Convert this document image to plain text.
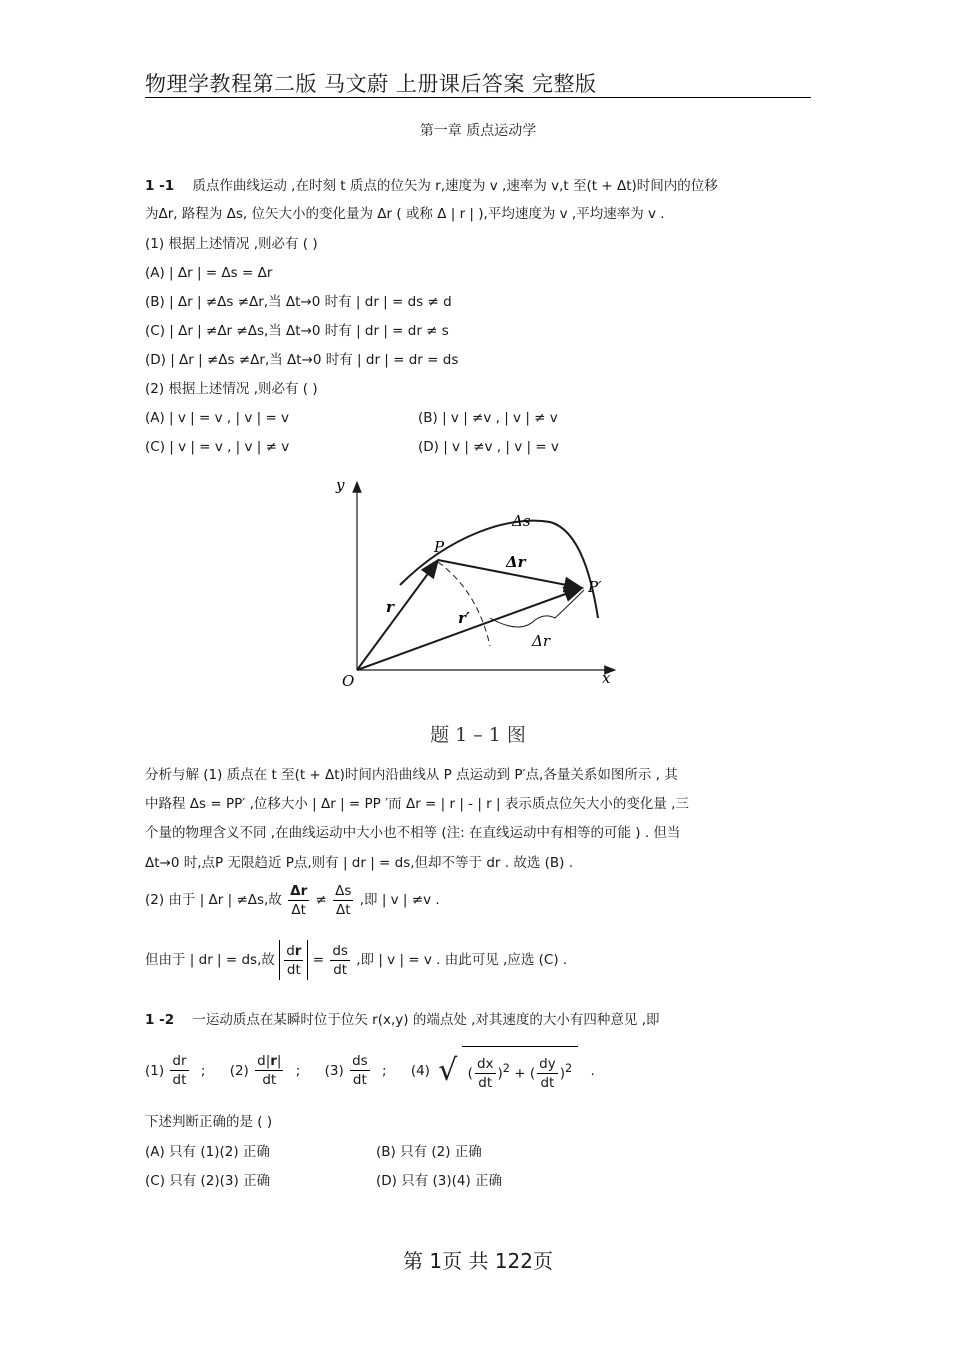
物理学教程第二版 马文蔚 上册课后答案 完整版
第一章 质点运动学
1 -1 质点作曲线运动 ,在时刻 t 质点的位矢为 r,速度为 v ,速率为 v,t 至(t + Δt)时间内的位移
为Δr, 路程为 Δs, 位矢大小的变化量为 Δr ( 或称 Δ | r | ),平均速度为 v ,平均速率为 v .
(1) 根据上述情况 ,则必有 ( )
(A) | Δr | = Δs = Δr
(B) | Δr | ≠Δs ≠Δr,当 Δt→0 时有 | dr | = ds ≠ d
(C) | Δr | ≠Δr ≠Δs,当 Δt→0 时有 | dr | = dr ≠ s
(D) | Δr | ≠Δs ≠Δr,当 Δt→0 时有 | dr | = dr = ds
(2) 根据上述情况 ,则必有 ( )
(A) | v | = v , | v | = v	(B) | v | ≠v , | v | ≠ v
(C) | v | = v , | v | ≠ v	(D) | v | ≠v , | v | = v
y
x
O
P
P′
Δs
Δr
r
r′
Δr
题 1 – 1 图
分析与解 (1) 质点在 t 至(t + Δt)时间内沿曲线从 P 点运动到 P′点,各量关系如图所示 , 其
中路程 Δs = PP′ ,位移大小 | Δr | = PP ′而 Δr = | r | - | r | 表示质点位矢大小的变化量 ,三
个量的物理含义不同 ,在曲线运动中大小也不相等 (注: 在直线运动中有相等的可能 ) . 但当
Δt→0 时,点P 无限趋近 P点,则有 | dr | = ds,但却不等于 dr . 故选 (B) .
(2) 由于 | Δr | ≠Δs,故 $\frac{\Delta r}{\Delta t} \ne \frac{\Delta s}{\Delta t}$ ,即 | v | ≠v .
但由于 | dr | = ds,故 $\frac{dr}{dt} = \frac{ds}{dt}$ ,即 | v | = v . 由此可见 ,应选 (C) .
1 -2 一运动质点在某瞬时位于位矢 r(x,y) 的端点处 ,对其速度的大小有四种意见 ,即
$(1) \frac{dr}{dt}$ ; $(2) \frac{d|r|}{dt}$ ; $(3) \frac{ds}{dt}$ ; (4) √ ( $\frac{dx}{dt} )^2$ + ( $\frac{dy}{dt} )^2$ .
下述判断正确的是 ( )
(A) 只有 (1)(2) 正确	(B) 只有 (2) 正确
(C) 只有 (2)(3) 正确	(D) 只有 (3)(4) 正确
第 1页 共 122页
